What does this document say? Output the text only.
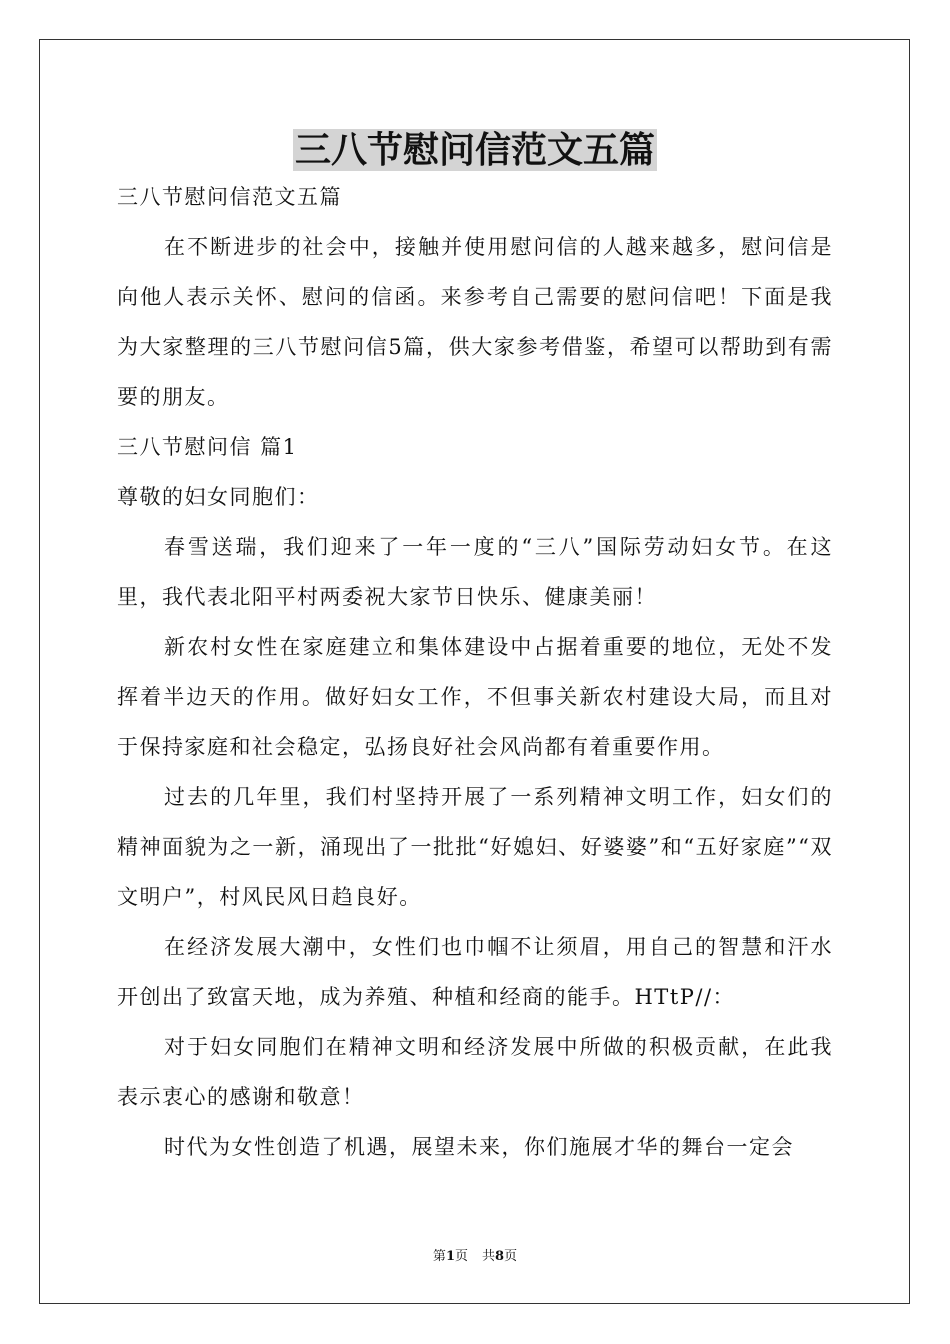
三八节慰问信范文五篇

三八节慰问信范文五篇

在不断进步的社会中，接触并使用慰问信的人越来越多，慰问信是向他人表示关怀、慰问的信函。来参考自己需要的慰问信吧！下面是我为大家整理的三八节慰问信5篇，供大家参考借鉴，希望可以帮助到有需要的朋友。

三八节慰问信 篇1

尊敬的妇女同胞们：

春雪送瑞，我们迎来了一年一度的“三八”国际劳动妇女节。在这里，我代表北阳平村两委祝大家节日快乐、健康美丽！

新农村女性在家庭建立和集体建设中占据着重要的地位，无处不发挥着半边天的作用。做好妇女工作，不但事关新农村建设大局，而且对于保持家庭和社会稳定，弘扬良好社会风尚都有着重要作用。

过去的几年里，我们村坚持开展了一系列精神文明工作，妇女们的精神面貌为之一新，涌现出了一批批“好媳妇、好婆婆”和“五好家庭”“双文明户”，村风民风日趋良好。

在经济发展大潮中，女性们也巾帼不让须眉，用自己的智慧和汗水开创出了致富天地，成为养殖、种植和经商的能手。HTtP//：

对于妇女同胞们在精神文明和经济发展中所做的积极贡献，在此我表示衷心的感谢和敬意！

时代为女性创造了机遇，展望未来，你们施展才华的舞台一定会

第1页 共8页
